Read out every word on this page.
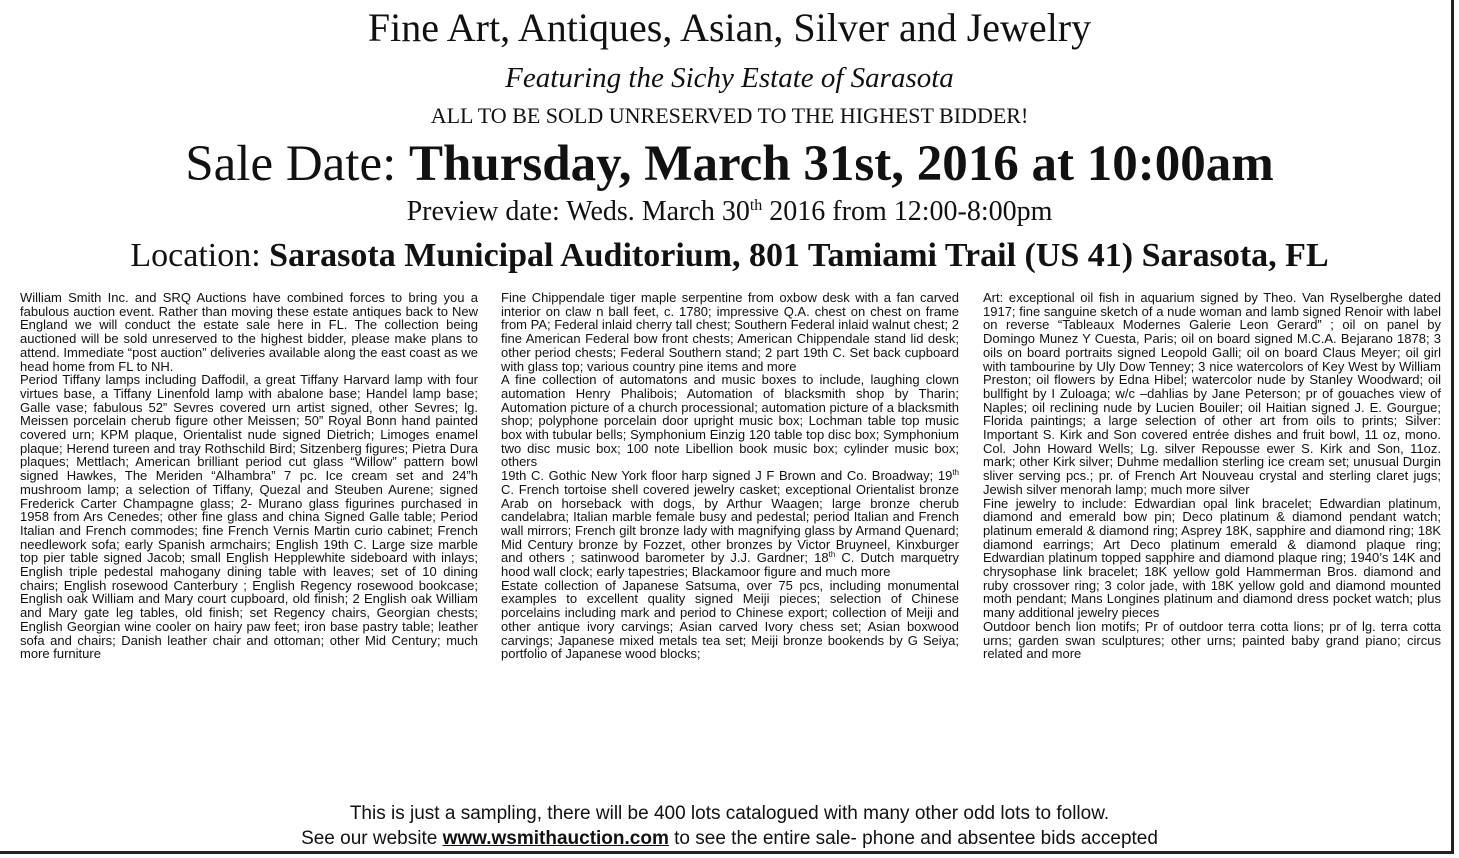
Fine Art, Antiques, Asian, Silver and Jewelry
Featuring the Sichy Estate of Sarasota
ALL TO BE SOLD UNRESERVED TO THE HIGHEST BIDDER!
Sale Date: Thursday, March 31st, 2016 at 10:00am
Preview date: Weds. March 30th 2016 from 12:00-8:00pm
Location: Sarasota Municipal Auditorium, 801 Tamiami Trail (US 41) Sarasota, FL

William Smith Inc. and SRQ Auctions have combined forces to bring you a fabulous auction event. Rather than moving these estate antiques back to New England we will conduct the estate sale here in FL. The collection being auctioned will be sold unreserved to the highest bidder, please make plans to attend. Immediate “post auction” deliveries available along the east coast as we head home from FL to NH.

Period Tiffany lamps including Daffodil, a great Tiffany Harvard lamp with four virtues base, a Tiffany Linenfold lamp with abalone base; Handel lamp base; Galle vase; fabulous 52” Sevres covered urn artist signed, other Sevres; lg. Meissen porcelain cherub figure other Meissen; 50” Royal Bonn hand painted covered urn; KPM plaque, Orientalist nude signed Dietrich; Limoges enamel plaque; Herend tureen and tray Rothschild Bird; Sitzenberg figures; Pietra Dura plaques; Mettlach; American brilliant period cut glass “Willow” pattern bowl signed Hawkes, The Meriden “Alhambra” 7 pc. Ice cream set and 24”h mushroom lamp; a selection of Tiffany, Quezal and Steuben Aurene; signed Frederick Carter Champagne glass; 2- Murano glass figurines purchased in 1958 from Ars Cenedes; other fine glass and china Signed Galle table; Period Italian and French commodes; fine French Vernis Martin curio cabinet; French needlework sofa; early Spanish armchairs; English 19th C. Large size marble top pier table signed Jacob; small English Hepplewhite sideboard with inlays; English triple pedestal mahogany dining table with leaves; set of 10 dining chairs; English rosewood Canterbury ; English Regency rosewood bookcase; English oak William and Mary court cupboard, old finish; 2 English oak William and Mary gate leg tables, old finish; set Regency chairs, Georgian chests; English Georgian wine cooler on hairy paw feet; iron base pastry table; leather sofa and chairs; Danish leather chair and ottoman; other Mid Century; much more furniture

Fine Chippendale tiger maple serpentine from oxbow desk with a fan carved interior on claw n ball feet, c. 1780; impressive Q.A. chest on chest on frame from PA; Federal inlaid cherry tall chest; Southern Federal inlaid walnut chest; 2 fine American Federal bow front chests; American Chippendale stand lid desk; other period chests; Federal Southern stand; 2 part 19th C. Set back cupboard with glass top; various country pine items and more

A fine collection of automatons and music boxes to include, laughing clown automation Henry Phalibois; Automation of blacksmith shop by Tharin; Automation picture of a church processional; automation picture of a blacksmith shop; polyphone porcelain door upright music box; Lochman table top music box with tubular bells; Symphonium Einzig 120 table top disc box; Symphonium two disc music box; 100 note Libellion book music box; cylinder music box; others

19th C. Gothic New York floor harp signed J F Brown and Co. Broadway; 19th C. French tortoise shell covered jewelry casket; exceptional Orientalist bronze Arab on horseback with dogs, by Arthur Waagen; large bronze cherub candelabra; Italian marble female busy and pedestal; period Italian and French wall mirrors; French gilt bronze lady with magnifying glass by Armand Quenard; Mid Century bronze by Fozzet, other bronzes by Victor Bruyneel, Kinxburger and others ; satinwood barometer by J.J. Gardner; 18th C. Dutch marquetry hood wall clock; early tapestries; Blackamoor figure and much more

Estate collection of Japanese Satsuma, over 75 pcs, including monumental examples to excellent quality signed Meiji pieces; selection of Chinese porcelains including mark and period to Chinese export; collection of Meiji and other antique ivory carvings; Asian carved Ivory chess set; Asian boxwood carvings; Japanese mixed metals tea set; Meiji bronze bookends by G Seiya; portfolio of Japanese wood blocks;

Art: exceptional oil fish in aquarium signed by Theo. Van Ryselberghe dated 1917; fine sanguine sketch of a nude woman and lamb signed Renoir with label on reverse “Tableaux Modernes Galerie Leon Gerard” ; oil on panel by Domingo Munez Y Cuesta, Paris; oil on board signed M.C.A. Bejarano 1878; 3 oils on board portraits signed Leopold Galli; oil on board Claus Meyer; oil girl with tambourine by Uly Dow Tenney; 3 nice watercolors of Key West by William Preston; oil flowers by Edna Hibel; watercolor nude by Stanley Woodward; oil bullfight by I Zuloaga; w/c –dahlias by Jane Peterson; pr of gouaches view of Naples; oil reclining nude by Lucien Bouiler; oil Haitian signed J. E. Gourgue; Florida paintings; a large selection of other art from oils to prints; Silver: Important S. Kirk and Son covered entrée dishes and fruit bowl, 11 oz, mono. Col. John Howard Wells; Lg. silver Repousse ewer S. Kirk and Son, 11oz. mark; other Kirk silver; Duhme medallion sterling ice cream set; unusual Durgin sliver serving pcs.; pr. of French Art Nouveau crystal and sterling claret jugs; Jewish silver menorah lamp; much more silver

Fine jewelry to include: Edwardian opal link bracelet; Edwardian platinum, diamond and emerald bow pin; Deco platinum & diamond pendant watch; platinum emerald & diamond ring; Asprey 18K, sapphire and diamond ring; 18K diamond earrings; Art Deco platinum emerald & diamond plaque ring; Edwardian platinum topped sapphire and diamond plaque ring; 1940’s 14K and chrysophase link bracelet; 18K yellow gold Hammerman Bros. diamond and ruby crossover ring; 3 color jade, with 18K yellow gold and diamond mounted moth pendant; Mans Longines platinum and diamond dress pocket watch; plus many additional jewelry pieces

Outdoor bench lion motifs; Pr of outdoor terra cotta lions; pr of lg. terra cotta urns; garden swan sculptures; other urns; painted baby grand piano; circus related and more

This is just a sampling, there will be 400 lots catalogued with many other odd lots to follow.
See our website www.wsmithauction.com to see the entire sale- phone and absentee bids accepted
